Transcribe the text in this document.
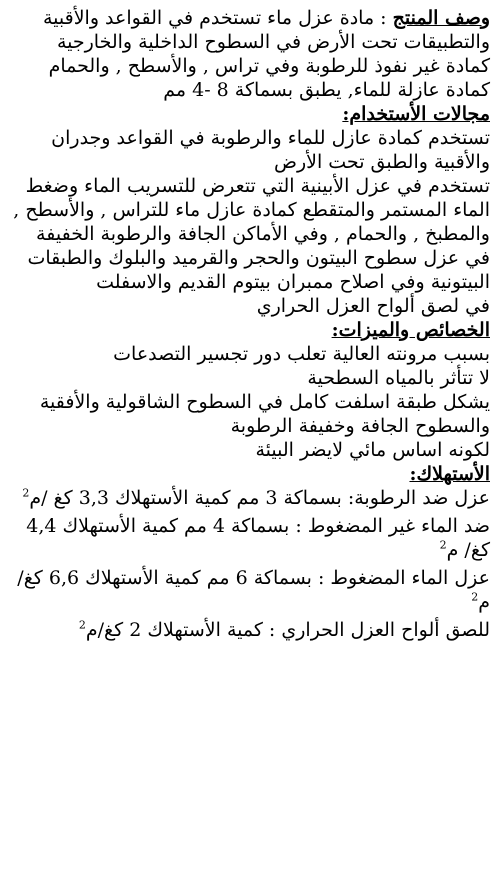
وصف المنتج : مادة عزل ماء تستخدم في القواعد والأقبية والتطبيقات تحت الأرض في السطوح الداخلية والخارجية كمادة غير نفوذ للرطوبة وفي تراس , والأسطح , والحمام كمادة عازلة للماء, يطبق بسماكة 8 -4 مم

مجالات الأستخدام:

تستخدم كمادة عازل للماء والرطوبة في القواعد وجدران والأقبية والطبق تحت الأرض

تستخدم في عزل الأبينية التي تتعرض للتسريب الماء وضغط الماء المستمر والمتقطع كمادة عازل ماء للتراس , والأسطح , والمطبخ , والحمام , وفي الأماكن الجافة والرطوبة الخفيفة

في عزل سطوح البيتون والحجر والقرميد والبلوك والطبقات البيتونية وفي اصلاح ممبران بيتوم القديم والاسفلت

في لصق ألواح العزل الحراري

الخصائص والميزات:

بسبب مرونته العالية تعلب دور تجسير التصدعات

لا تتأثر بالمياه السطحية

يشكل طبقة اسلفت كامل في السطوح الشاقولية والأفقية والسطوح الجافة وخفيفة الرطوبة

لكونه اساس مائي لايضر البيئة

الأستهلاك:

عزل ضد الرطوبة: بسماكة 3 مم كمية الأستهلاك 3,3 كغ /م$^2$

ضد الماء غير المضغوط : بسماكة 4 مم كمية الأستهلاك 4,4 كغ/ م$^2$

عزل الماء المضغوط : بسماكة 6 مم كمية الأستهلاك 6,6 كغ/م$^2$

للصق ألواح العزل الحراري : كمية الأستهلاك 2 كغ/م$^2$
